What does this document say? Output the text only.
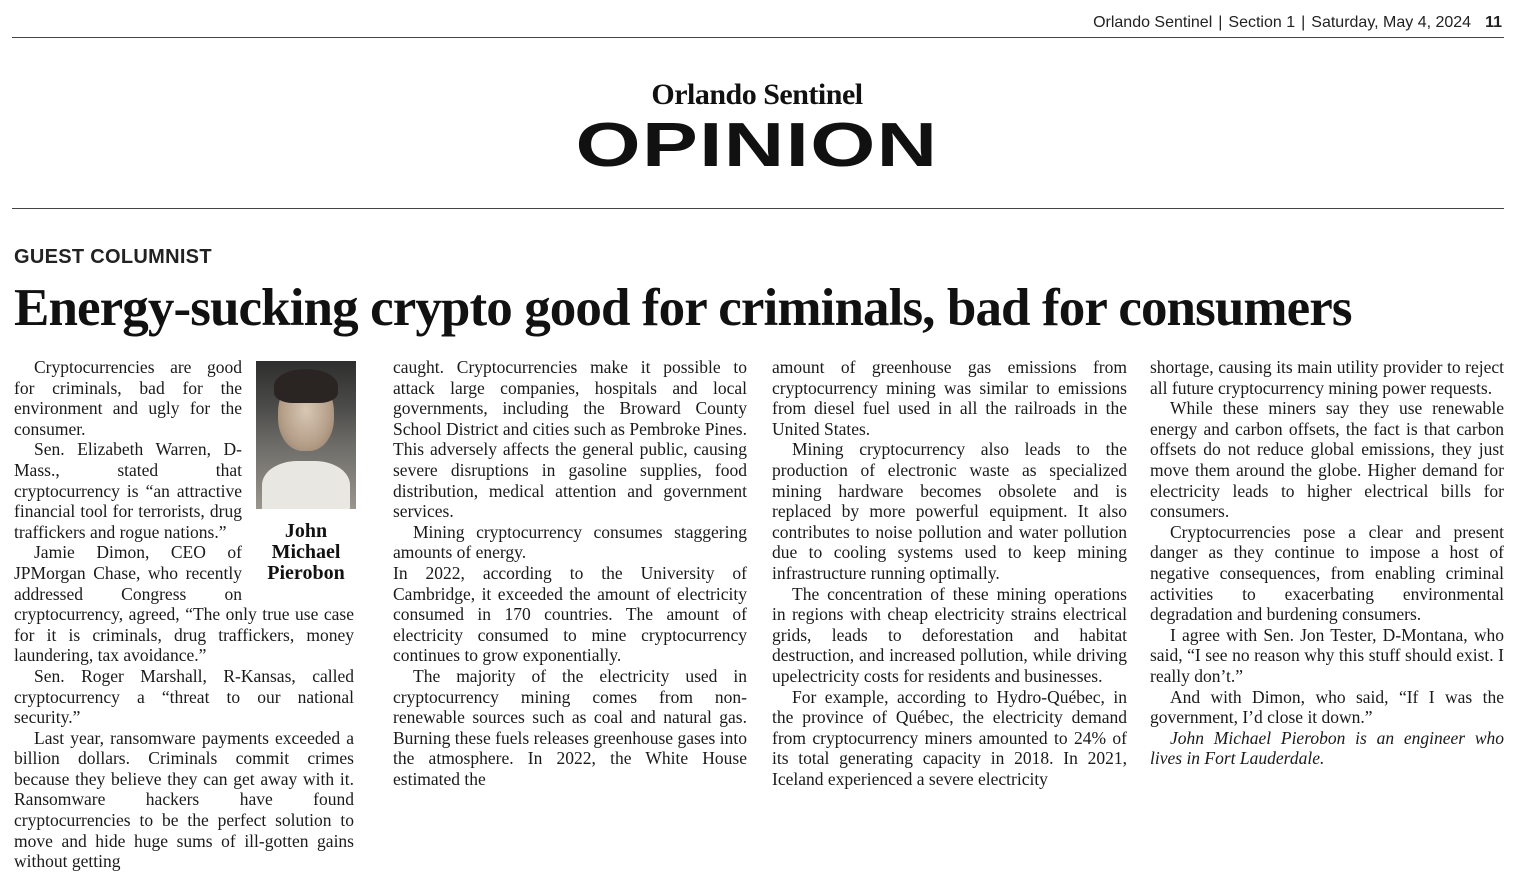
Orlando Sentinel | Section 1 | Saturday, May 4, 2024 11
Orlando Sentinel
OPINION
GUEST COLUMNIST
Energy-sucking crypto good for criminals, bad for consumers
John
Michael
Pierobon

Cryptocurrencies are good for criminals, bad for the environment and ugly for the consumer.

Sen. Elizabeth Warren, D-Mass., stated that cryptocurrency is “an attractive financial tool for terrorists, drug traffickers and rogue nations.”

Jamie Dimon, CEO of JPMorgan Chase, who recently addressed Congress on cryptocurrency, agreed, “The only true use case for it is criminals, drug traffickers, money laundering, tax avoidance.”

Sen. Roger Marshall, R-Kansas, called cryptocurrency a “threat to our national security.”

Last year, ransomware payments exceeded a billion dollars. Criminals commit crimes because they believe they can get away with it. Ransomware hackers have found cryptocurrencies to be the perfect solution to move and hide huge sums of ill-gotten gains without getting

caught. Cryptocurrencies make it possible to attack large companies, hospitals and local governments, including the Broward County School District and cities such as Pembroke Pines. This adversely affects the general public, causing severe disruptions in gasoline supplies, food distribution, medical attention and government services.

Mining cryptocurrency consumes staggering amounts of energy.

In 2022, according to the University of Cambridge, it exceeded the amount of electricity consumed in 170 countries. The amount of electricity consumed to mine cryptocurrency continues to grow exponentially.

The majority of the electricity used in cryptocurrency mining comes from non-renewable sources such as coal and natural gas. Burning these fuels releases greenhouse gases into the atmosphere. In 2022, the White House estimated the

amount of greenhouse gas emissions from cryptocurrency mining was similar to emissions from diesel fuel used in all the railroads in the United States.

Mining cryptocurrency also leads to the production of electronic waste as specialized mining hardware becomes obsolete and is replaced by more powerful equipment. It also contributes to noise pollution and water pollution due to cooling systems used to keep mining infrastructure running optimally.

The concentration of these mining operations in regions with cheap electricity strains electrical grids, leads to deforestation and habitat destruction, and increased pollution, while driving upelectricity costs for residents and businesses.

For example, according to Hydro-Québec, in the province of Québec, the electricity demand from cryptocurrency miners amounted to 24% of its total generating capacity in 2018. In 2021, Iceland experienced a severe electricity

shortage, causing its main utility provider to reject all future cryptocurrency mining power requests.

While these miners say they use renewable energy and carbon offsets, the fact is that carbon offsets do not reduce global emissions, they just move them around the globe. Higher demand for electricity leads to higher electrical bills for consumers.

Cryptocurrencies pose a clear and present danger as they continue to impose a host of negative consequences, from enabling criminal activities to exacerbating environmental degradation and burdening consumers.

I agree with Sen. Jon Tester, D-Montana, who said, “I see no reason why this stuff should exist. I really don’t.”

And with Dimon, who said, “If I was the government, I’d close it down.”

John Michael Pierobon is an engineer who lives in Fort Lauderdale.
